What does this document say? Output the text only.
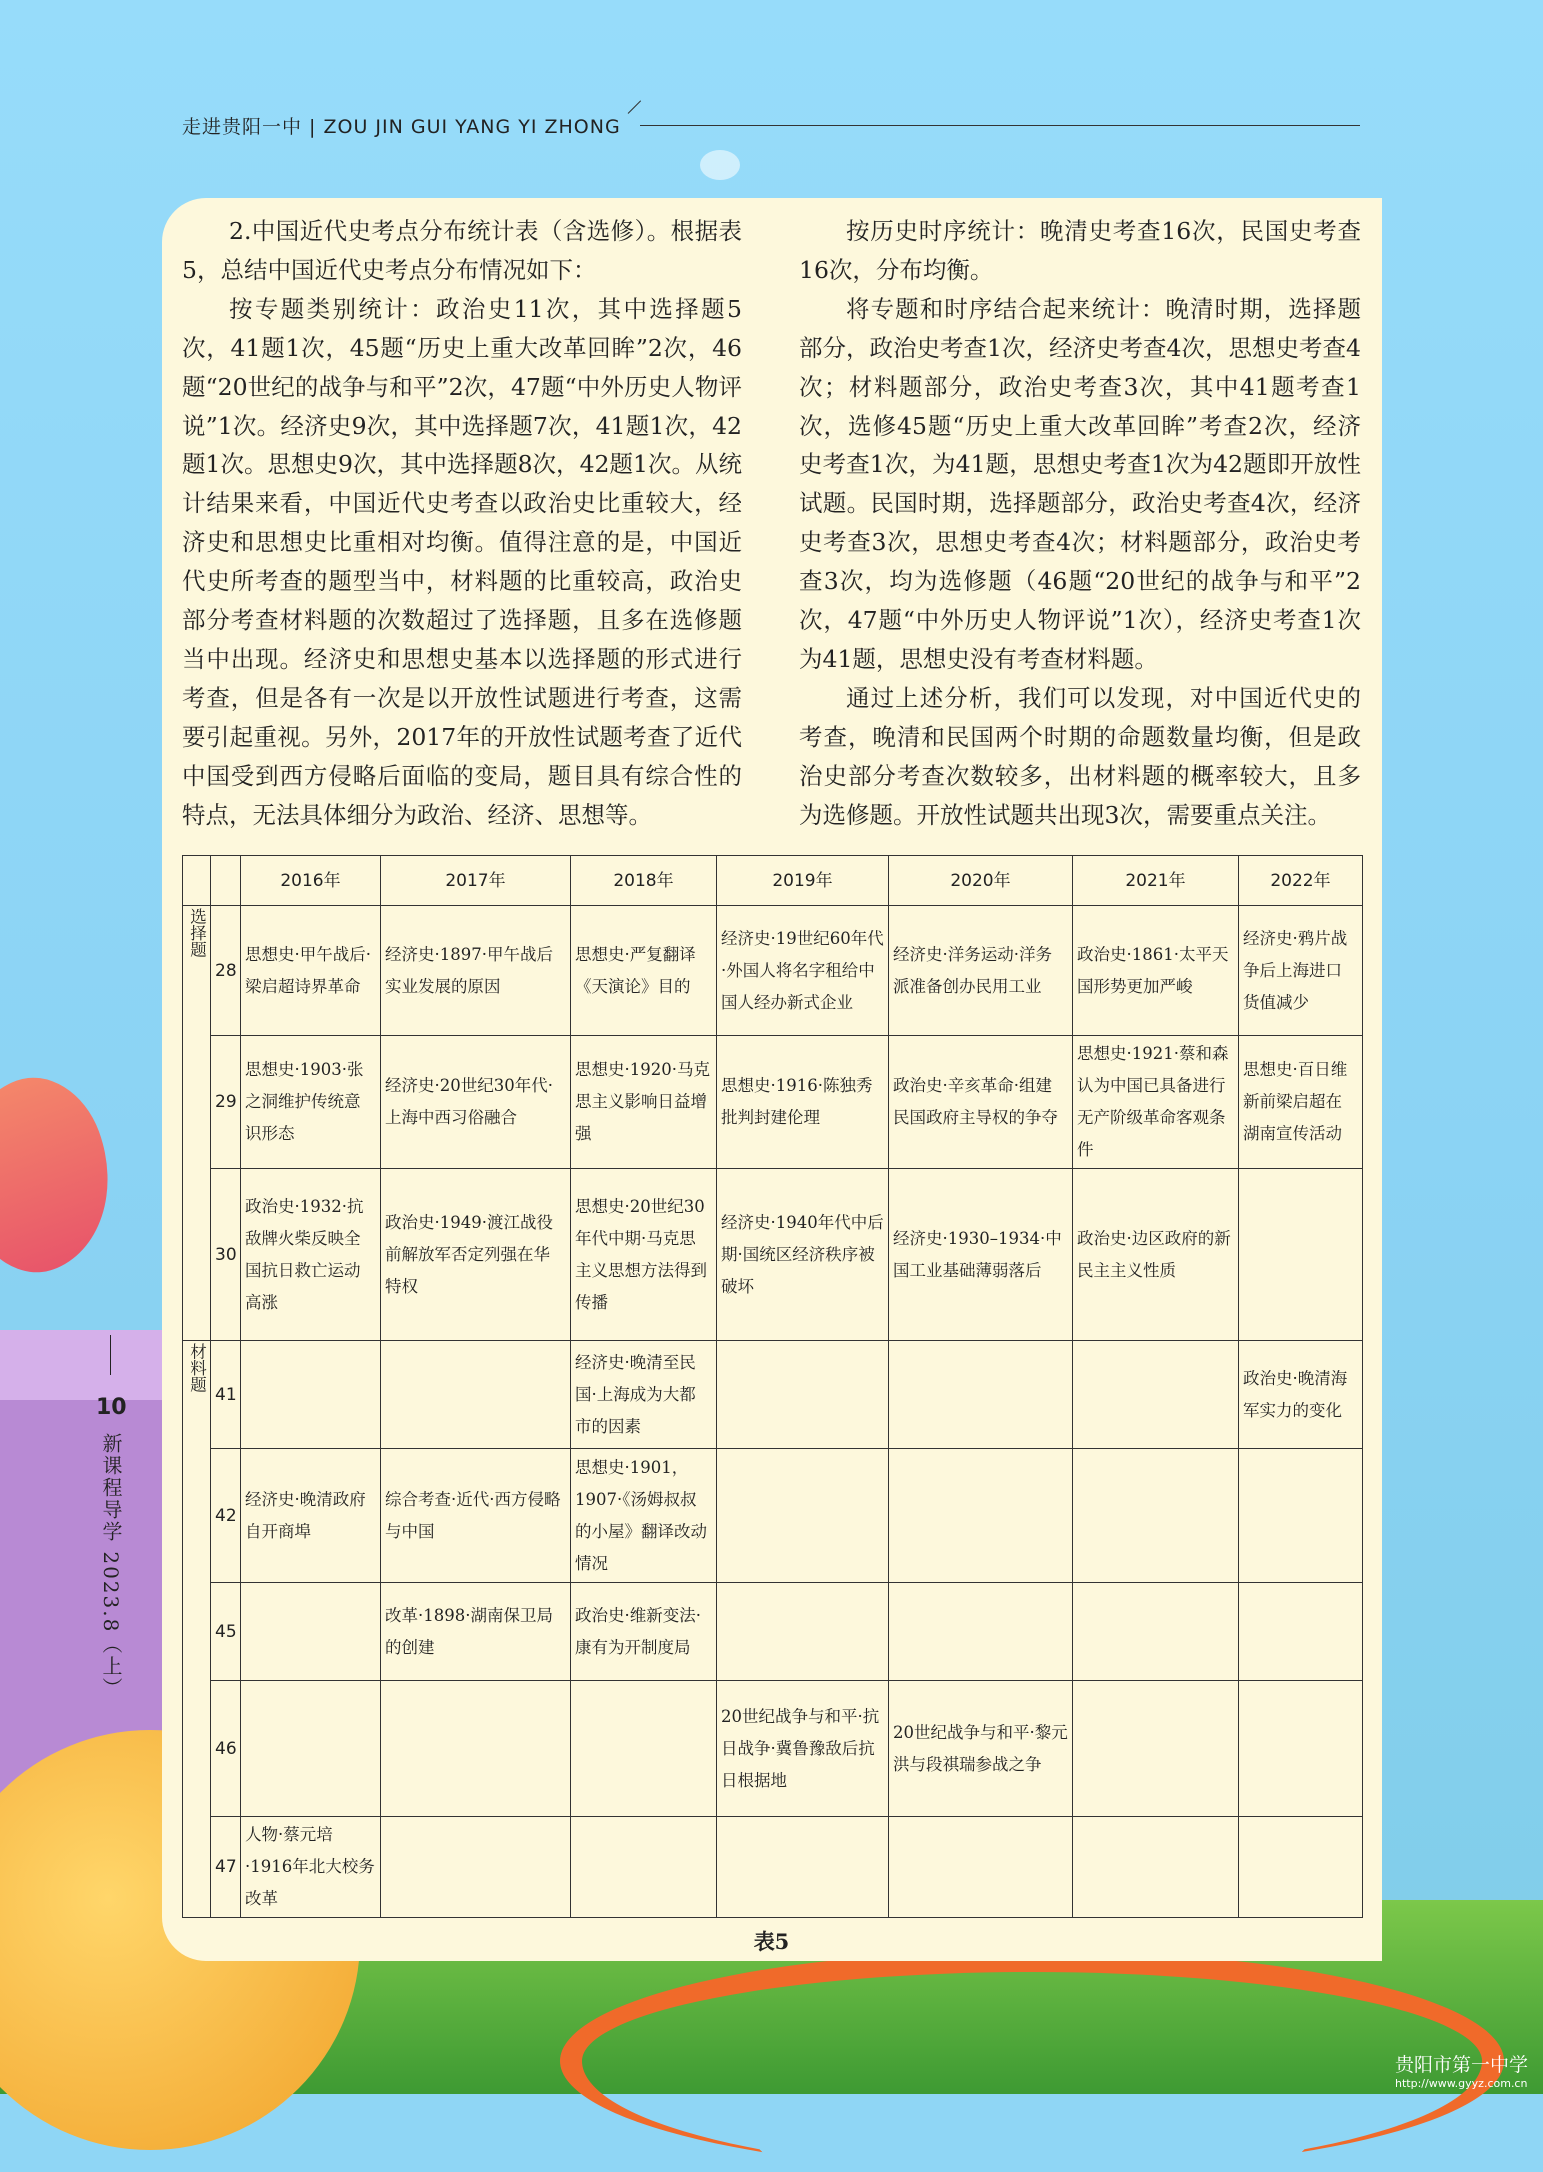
走进贵阳一中 | ZOU JIN GUI YANG YI ZHONG

2.中国近代史考点分布统计表（含选修）。根据表5，总结中国近代史考点分布情况如下：

按专题类别统计：政治史11次，其中选择题5次，41题1次，45题“历史上重大改革回眸”2次，46题“20世纪的战争与和平”2次，47题“中外历史人物评说”1次。经济史9次，其中选择题7次，41题1次，42题1次。思想史9次，其中选择题8次，42题1次。从统计结果来看，中国近代史考查以政治史比重较大，经济史和思想史比重相对均衡。值得注意的是，中国近代史所考查的题型当中，材料题的比重较高，政治史部分考查材料题的次数超过了选择题，且多在选修题当中出现。经济史和思想史基本以选择题的形式进行考查，但是各有一次是以开放性试题进行考查，这需要引起重视。另外，2017年的开放性试题考查了近代中国受到西方侵略后面临的变局，题目具有综合性的特点，无法具体细分为政治、经济、思想等。

按历史时序统计：晚清史考查16次，民国史考查16次，分布均衡。

将专题和时序结合起来统计：晚清时期，选择题部分，政治史考查1次，经济史考查4次，思想史考查4次；材料题部分，政治史考查3次，其中41题考查1次，选修45题“历史上重大改革回眸”考查2次，经济史考查1次，为41题，思想史考查1次为42题即开放性试题。民国时期，选择题部分，政治史考查4次，经济史考查3次，思想史考查4次；材料题部分，政治史考查3次，均为选修题（46题“20世纪的战争与和平”2次，47题“中外历史人物评说”1次），经济史考查1次为41题，思想史没有考查材料题。

通过上述分析，我们可以发现，对中国近代史的考查，晚清和民国两个时期的命题数量均衡，但是政治史部分考查次数较多，出材料题的概率较大，且多为选修题。开放性试题共出现3次，需要重点关注。

		2016年	2017年	2018年	2019年	2020年	2021年	2022年
选择题	28	思想史·甲午战后·梁启超诗界革命	经济史·1897·甲午战后实业发展的原因	思想史·严复翻译《天演论》目的	经济史·19世纪60年代·外国人将名字租给中国人经办新式企业	经济史·洋务运动·洋务派准备创办民用工业	政治史·1861·太平天国形势更加严峻	经济史·鸦片战争后上海进口货值减少
	29	思想史·1903·张之洞维护传统意识形态	经济史·20世纪30年代·上海中西习俗融合	思想史·1920·马克思主义影响日益增强	思想史·1916·陈独秀批判封建伦理	政治史·辛亥革命·组建民国政府主导权的争夺	思想史·1921·蔡和森认为中国已具备进行无产阶级革命客观条件	思想史·百日维新前梁启超在湖南宣传活动
	30	政治史·1932·抗敌牌火柴反映全国抗日救亡运动高涨	政治史·1949·渡江战役前解放军否定列强在华特权	思想史·20世纪30年代中期·马克思主义思想方法得到传播	经济史·1940年代中后期·国统区经济秩序被破坏	经济史·1930–1934·中国工业基础薄弱落后	政治史·边区政府的新民主主义性质	
材料题	41			经济史·晚清至民国·上海成为大都市的因素				政治史·晚清海军实力的变化
	42	经济史·晚清政府自开商埠	综合考查·近代·西方侵略与中国	思想史·1901，1907·《汤姆叔叔的小屋》翻译改动情况				
	45		改革·1898·湖南保卫局的创建	政治史·维新变法·康有为开制度局				
	46				20世纪战争与和平·抗日战争·冀鲁豫敌后抗日根据地	20世纪战争与和平·黎元洪与段祺瑞参战之争		
	47	人物·蔡元培·1916年北大校务改革						
表5
10
新课程导学 2023.8（上）
贵阳市第一中学
http://www.gyyz.com.cn
